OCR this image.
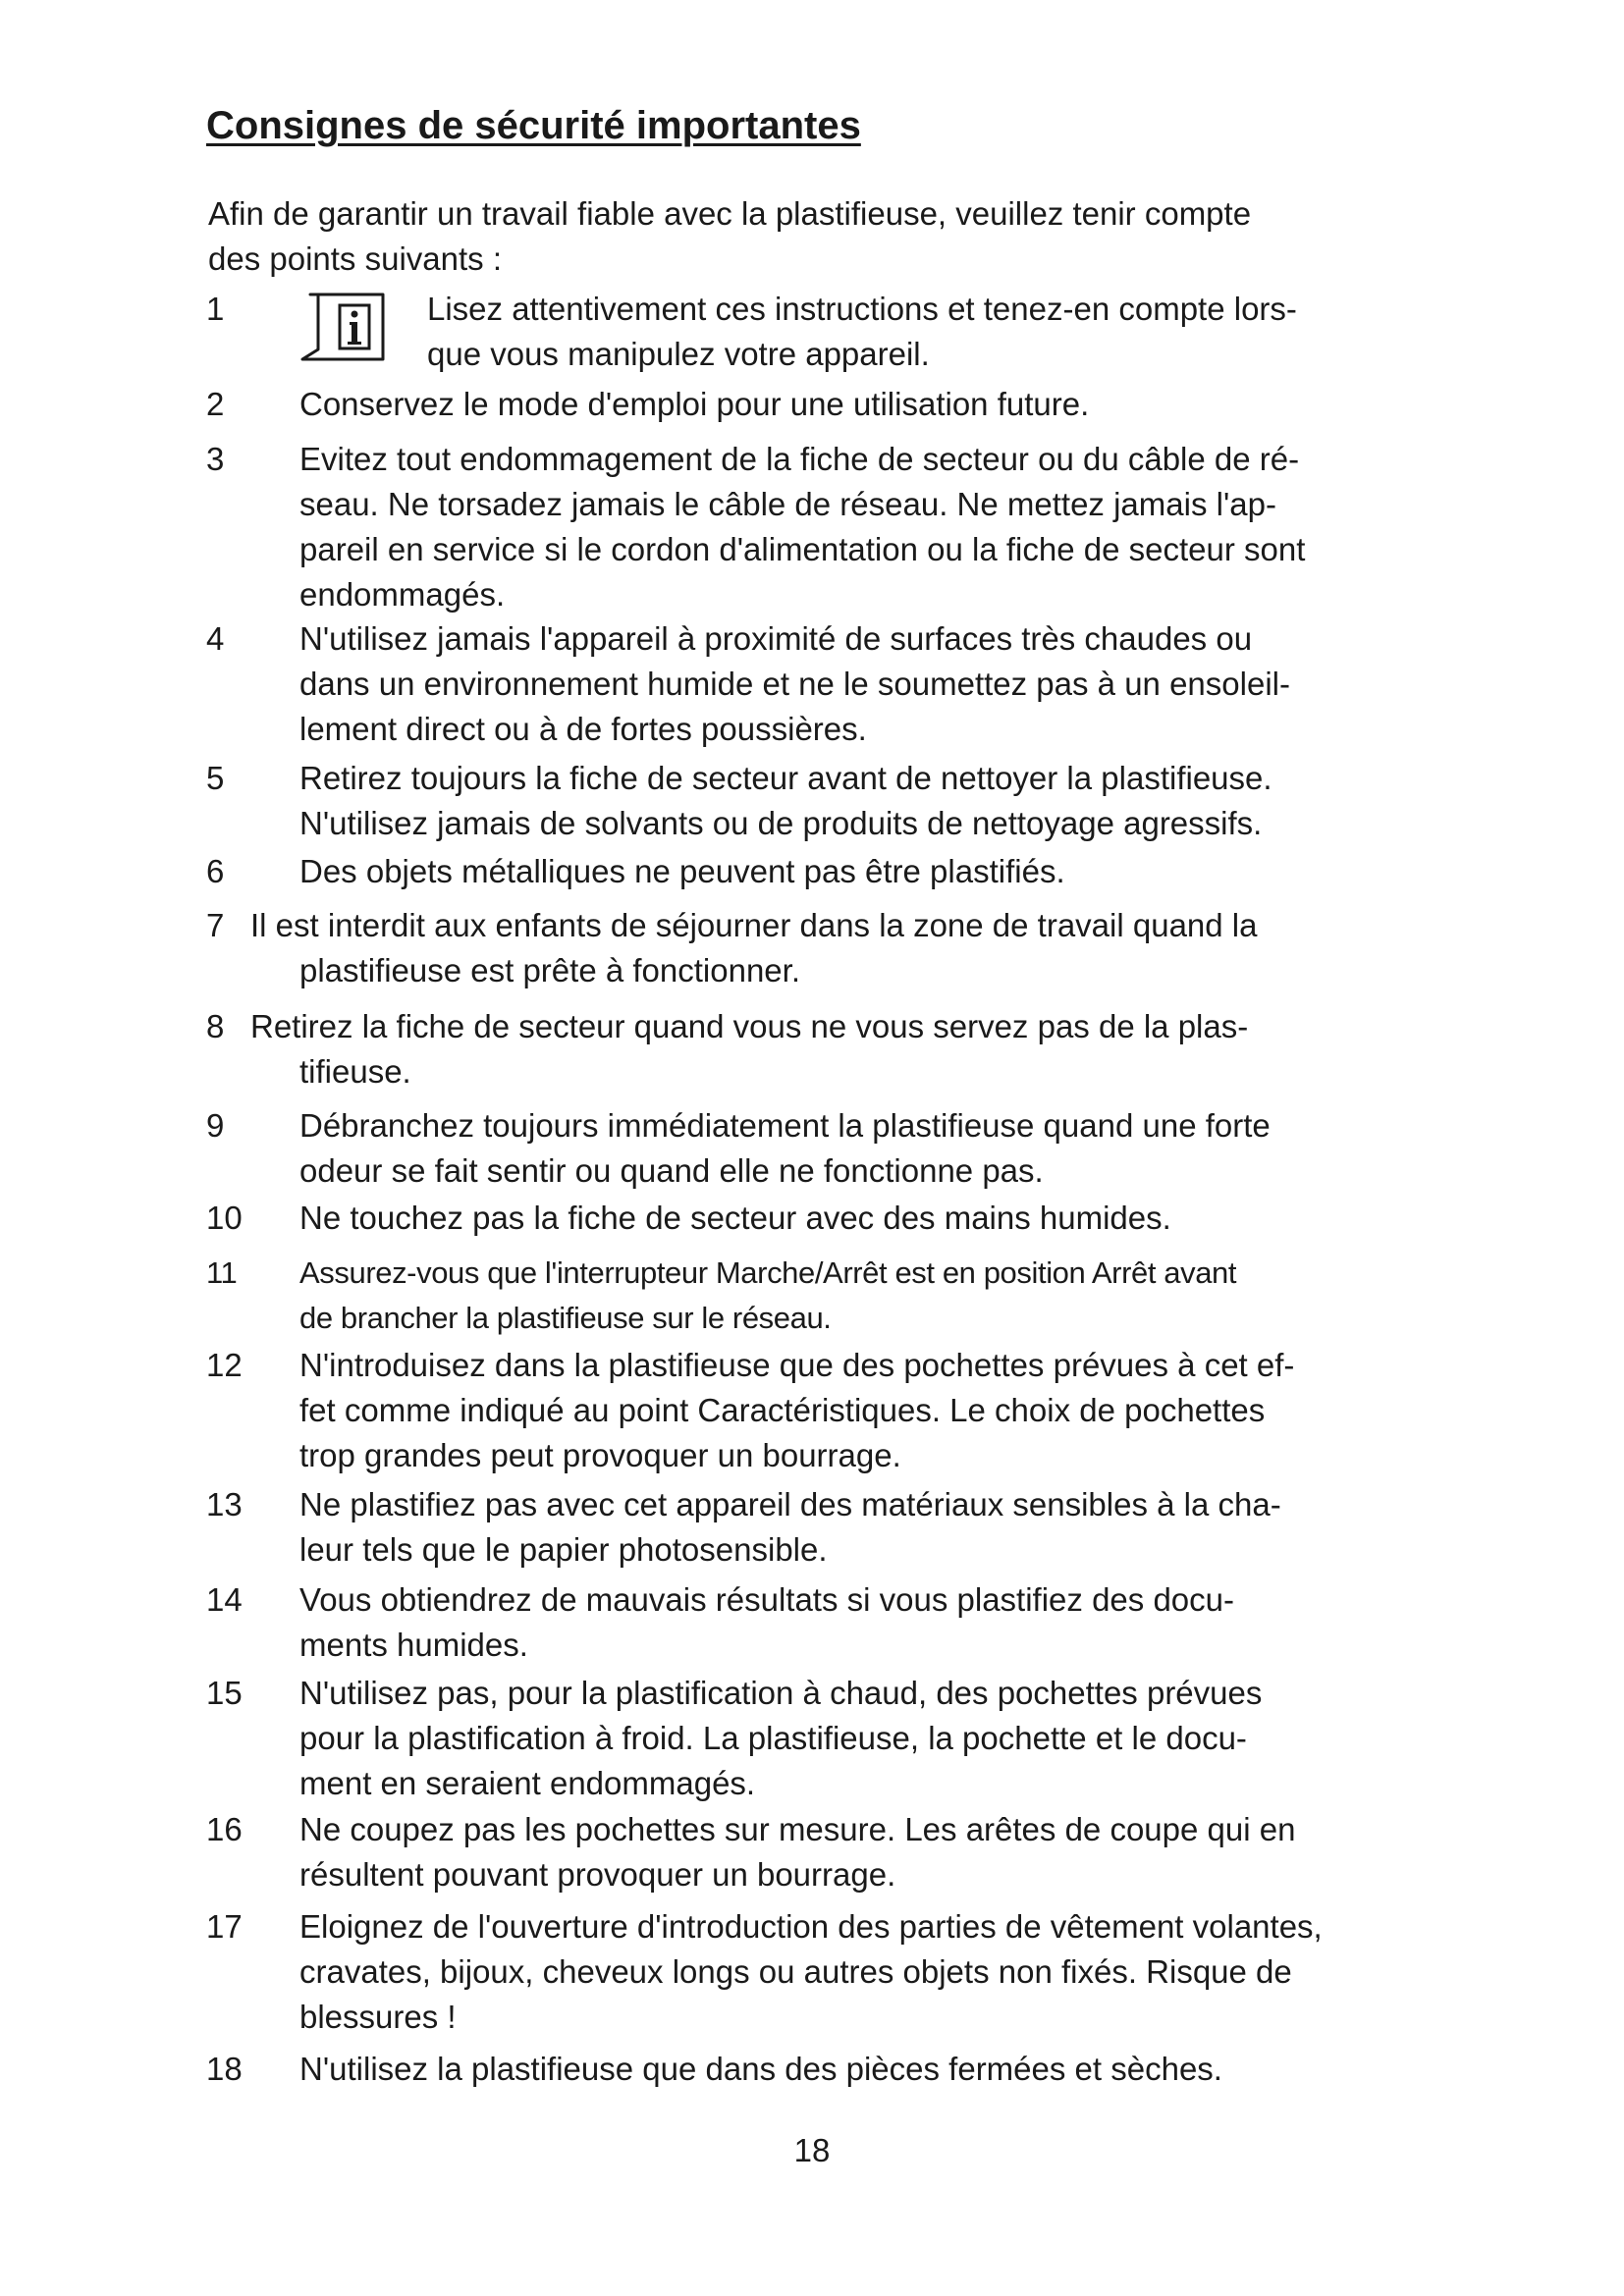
Consignes de sécurité importantes

Afin de garantir un travail fiable avec la plastifieuse, veuillez tenir compte
des points suivants :

1	Lisez attentivement ces instructions et tenez-en compte lors-
que vous manipulez votre appareil.
2 Conservez le mode d'emploi pour une utilisation future.
3 Evitez tout endommagement de la fiche de secteur ou du câble de ré-
seau. Ne torsadez jamais le câble de réseau. Ne mettez jamais l'ap-
pareil en service si le cordon d'alimentation ou la fiche de secteur sont
endommagés.
4 N'utilisez jamais l'appareil à proximité de surfaces très chaudes ou
dans un environnement humide et ne le soumettez pas à un ensoleil-
lement direct ou à de fortes poussières.
5 Retirez toujours la fiche de secteur avant de nettoyer la plastifieuse.
N'utilisez jamais de solvants ou de produits de nettoyage agressifs.
6 Des objets métalliques ne peuvent pas être plastifiés.
7 Il est interdit aux enfants de séjourner dans la zone de travail quand la
plastifieuse est prête à fonctionner.
8 Retirez la fiche de secteur quand vous ne vous servez pas de la plas-
tifieuse.
9 Débranchez toujours immédiatement la plastifieuse quand une forte
odeur se fait sentir ou quand elle ne fonctionne pas.
10 Ne touchez pas la fiche de secteur avec des mains humides.
11 Assurez-vous que l'interrupteur Marche/Arrêt est en position Arrêt avant
de brancher la plastifieuse sur le réseau.
12 N'introduisez dans la plastifieuse que des pochettes prévues à cet ef-
fet comme indiqué au point Caractéristiques. Le choix de pochettes
trop grandes peut provoquer un bourrage.
13 Ne plastifiez pas avec cet appareil des matériaux sensibles à la cha-
leur tels que le papier photosensible.
14 Vous obtiendrez de mauvais résultats si vous plastifiez des docu-
ments humides.
15 N'utilisez pas, pour la plastification à chaud, des pochettes prévues
pour la plastification à froid. La plastifieuse, la pochette et le docu-
ment en seraient endommagés.
16 Ne coupez pas les pochettes sur mesure. Les arêtes de coupe qui en
résultent pouvant provoquer un bourrage.
17 Eloignez de l'ouverture d'introduction des parties de vêtement volantes,
cravates, bijoux, cheveux longs ou autres objets non fixés. Risque de
blessures !
18 N'utilisez la plastifieuse que dans des pièces fermées et sèches.
18
